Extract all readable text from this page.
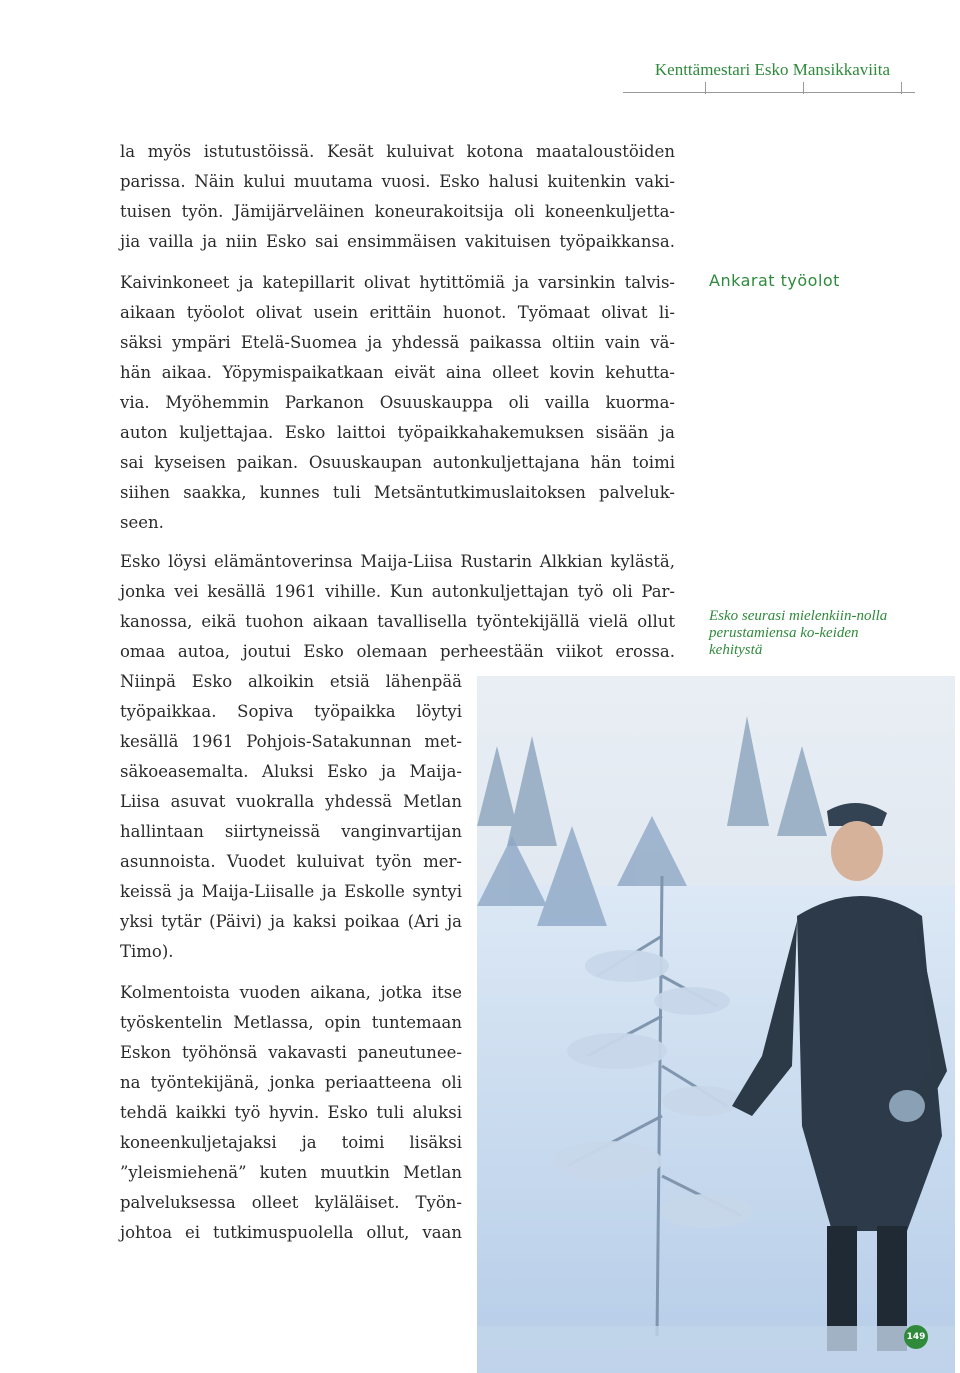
Kenttämestari Esko Mansikkaviita
la myös istutustöissä. Kesät kuluivat kotona maataloustöiden
parissa. Näin kului muutama vuosi. Esko halusi kuitenkin vaki-
tuisen työn. Jämijärveläinen koneurakoitsija oli koneenkuljetta-
jia vailla ja niin Esko sai ensimmäisen vakituisen työpaikkansa.
Kaivinkoneet ja katepillarit olivat hytittömiä ja varsinkin talvis-
aikaan työolot olivat usein erittäin huonot. Työmaat olivat li-
säksi ympäri Etelä-Suomea ja yhdessä paikassa oltiin vain vä-
hän aikaa. Yöpymispaikatkaan eivät aina olleet kovin kehutta-
via. Myöhemmin Parkanon Osuuskauppa oli vailla kuorma-
auton kuljettajaa. Esko laittoi työpaikkahakemuksen sisään ja
sai kyseisen paikan. Osuuskaupan autonkuljettajana hän toimi
siihen saakka, kunnes tuli Metsäntutkimuslaitoksen palveluk-
seen.
Esko löysi elämäntoverinsa Maija-Liisa Rustarin Alkkian kylästä,
jonka vei kesällä 1961 vihille. Kun autonkuljettajan työ oli Par-
kanossa, eikä tuohon aikaan tavallisella työntekijällä vielä ollut
omaa autoa, joutui Esko olemaan perheestään viikot erossa.
Niinpä Esko alkoikin etsiä lähenpää
työpaikkaa. Sopiva työpaikka löytyi
kesällä 1961 Pohjois-Satakunnan met-
säkoeasemalta. Aluksi Esko ja Maija-
Liisa asuvat vuokralla yhdessä Metlan
hallintaan siirtyneissä vanginvartijan
asunnoista. Vuodet kuluivat työn mer-
keissä ja Maija-Liisalle ja Eskolle syntyi
yksi tytär (Päivi) ja kaksi poikaa (Ari ja
Timo).
Kolmentoista vuoden aikana, jotka itse
työskentelin Metlassa, opin tuntemaan
Eskon työhönsä vakavasti paneutunee-
na työntekijänä, jonka periaatteena oli
tehdä kaikki työ hyvin. Esko tuli aluksi
koneenkuljetajaksi ja toimi lisäksi
”yleismiehenä” kuten muutkin Metlan
palveluksessa olleet kyläläiset. Työn-
johtoa ei tutkimuspuolella ollut, vaan
Ankarat työolot
Esko seurasi mielenkiin-nolla perustamiensa ko-keiden kehitystä
149
